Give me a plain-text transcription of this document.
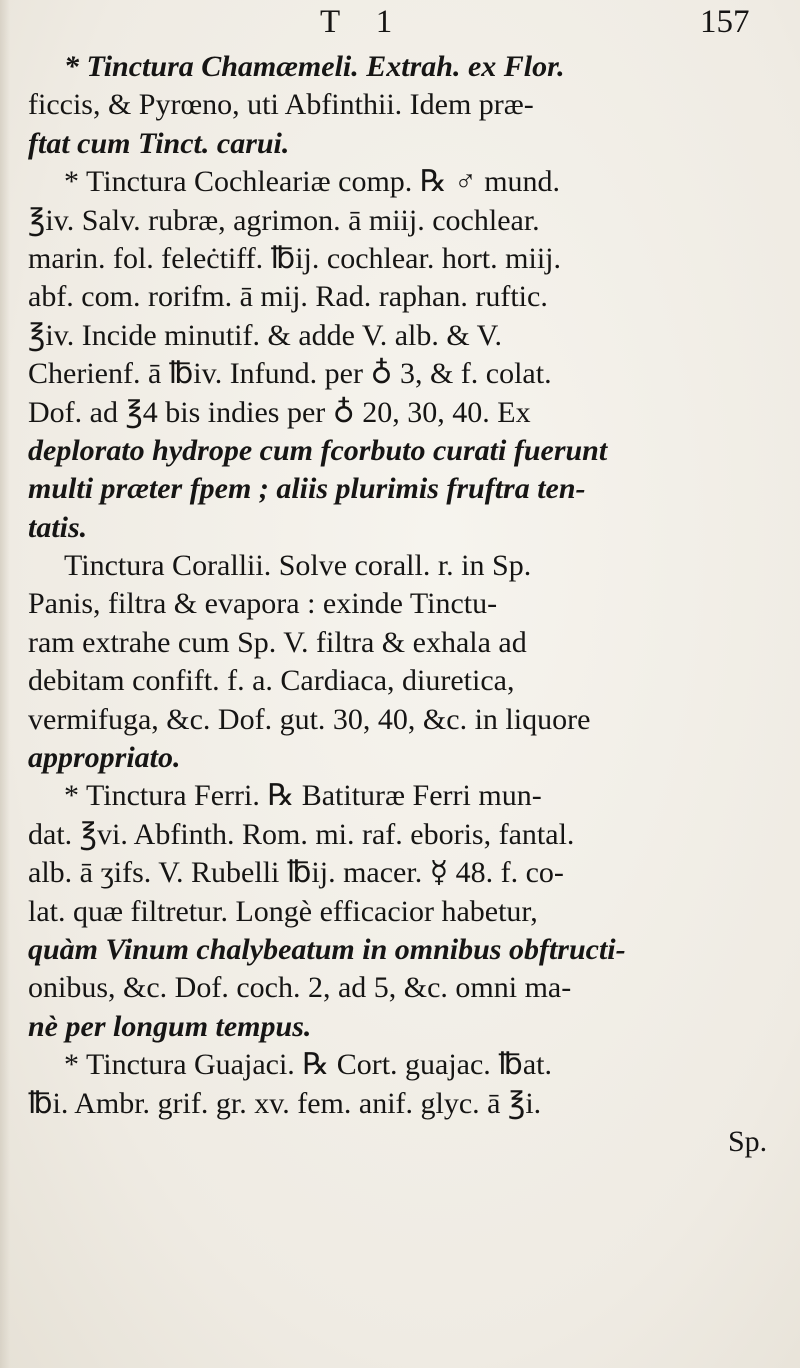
T 1	157
* Tinctura Chamæmeli. Extrah. ex Flor.
ficcis, & Pyrœno, uti Abfinthii. Idem præ-
ftat cum Tinct. carui.
* Tinctura Cochleariæ comp. ℞ ♂ mund.
℥iv. Salv. rubræ, agrimon. ā miij. cochlear.
marin. fol. feleċtiff. ℔ij. cochlear. hort. miij.
abf. com. rorifm. ā mij. Rad. raphan. ruftic.
℥iv. Incide minutif. & adde V. alb. & V.
Cherienf. ā ℔iv. Infund. per ♁ 3, & f. colat.
Dof. ad ℥4 bis indies per ♁ 20, 30, 40. Ex
deplorato hydrope cum fcorbuto curati fuerunt
multi præter fpem ; aliis plurimis fruftra ten-
tatis.
Tinctura Corallii. Solve corall. r. in Sp.
Panis, filtra & evapora : exinde Tinctu-
ram extrahe cum Sp. V. filtra & exhala ad
debitam confift. f. a. Cardiaca, diuretica,
vermifuga, &c. Dof. gut. 30, 40, &c. in liquore
appropriato.
* Tinctura Ferri. ℞ Batituræ Ferri mun-
dat. ℥vi. Abfinth. Rom. mi. raf. eboris, fantal.
alb. ā ʒifs. V. Rubelli ℔ij. macer. ☿ 48. f. co-
lat. quæ filtretur. Longè efficacior habetur,
quàm Vinum chalybeatum in omnibus obftructi-
onibus, &c. Dof. coch. 2, ad 5, &c. omni ma-
nè per longum tempus.
* Tinctura Guajaci. ℞ Cort. guajac. ℔at.
℔i. Ambr. grif. gr. xv. fem. anif. glyc. ā ℥i.
Sp.
